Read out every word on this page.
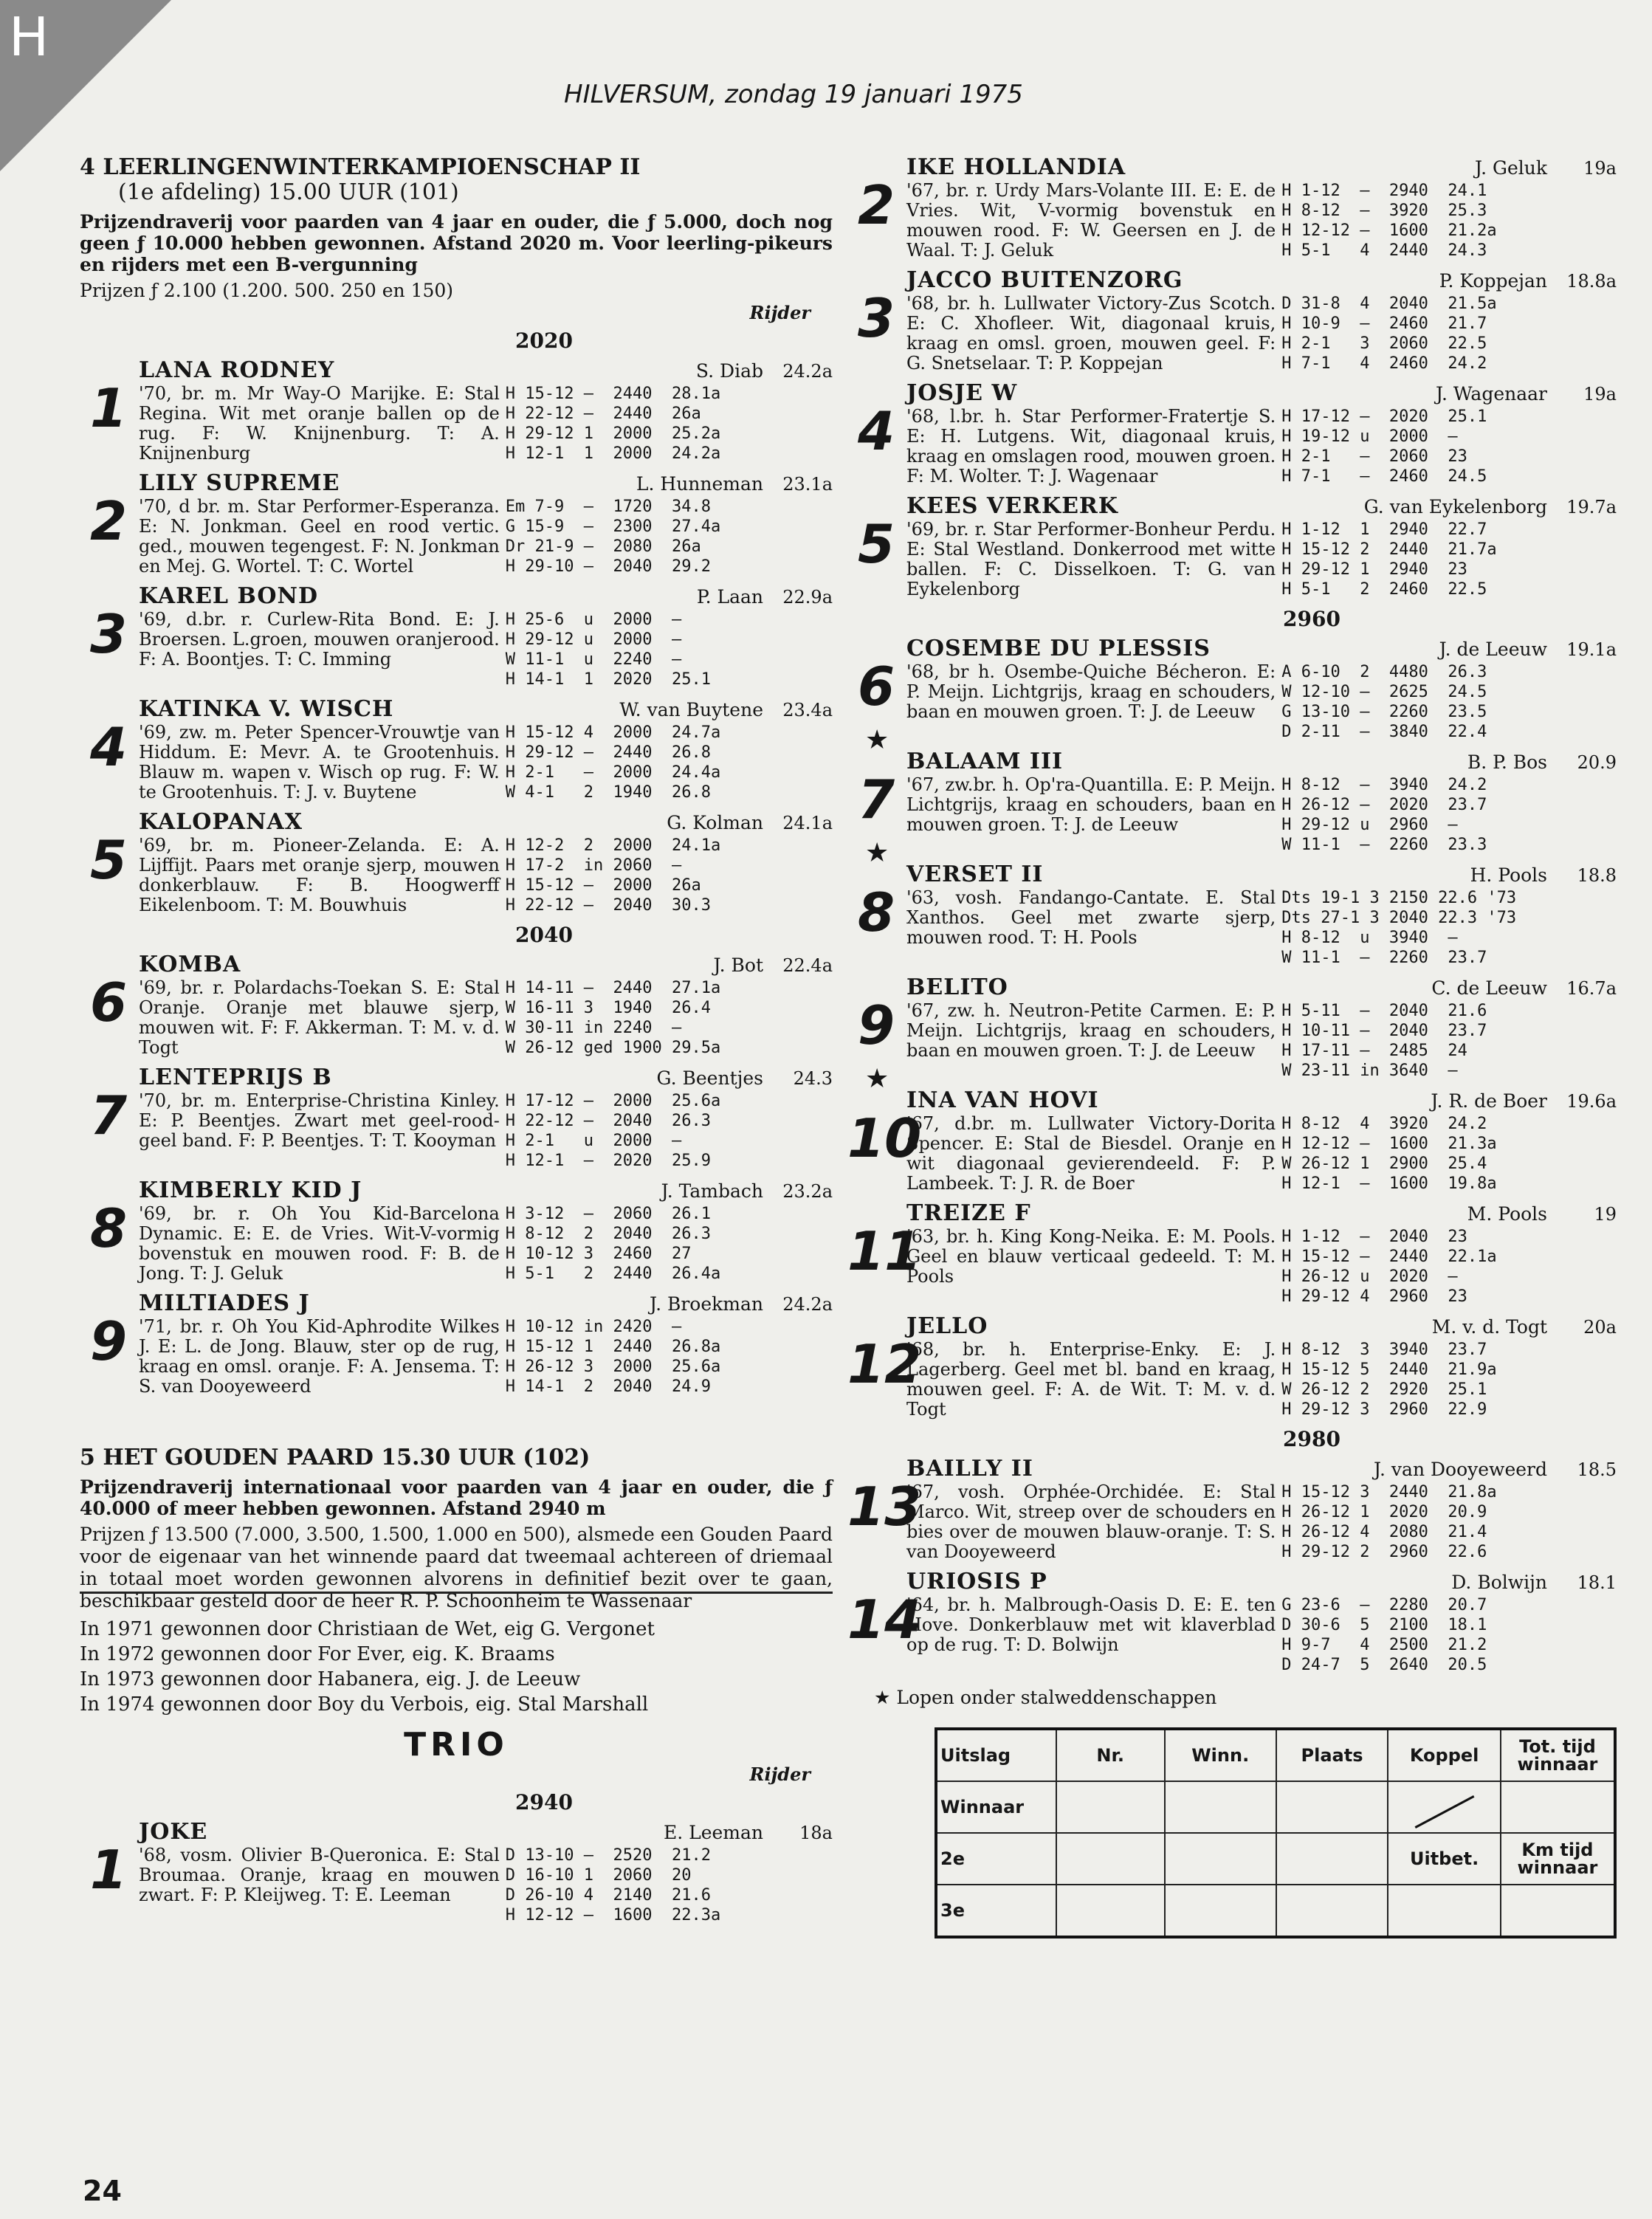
H
HILVERSUM, zondag 19 januari 1975
4 LEERLINGENWINTERKAMPIOENSCHAP II
(1e afdeling) 15.00 UUR (101)
Prijzendraverij voor paarden van 4 jaar en ouder, die ƒ 5.000, doch nog geen ƒ 10.000 hebben gewonnen. Afstand 2020 m. Voor leerling-pikeurs en rijders met een B-vergunning
Prijzen ƒ 2.100 (1.200. 500. 250 en 150)
Rijder
2020
1
LANA RODNEY	S. Diab	24.2a
'70, br. m. Mr Way-O Marijke. E: Stal Regina. Wit met oranje ballen op de rug. F: W. Knijnenburg. T: A. Knijnenburg
H 15-12 —  2440  28.1a
H 22-12 —  2440  26a
H 29-12 1  2000  25.2a
H 12-1  1  2000  24.2a
2
LILY SUPREME	L. Hunneman	23.1a
'70, d br. m. Star Performer-Esperanza. E: N. Jonkman. Geel en rood vertic. ged., mouwen tegengest. F: N. Jonkman en Mej. G. Wortel. T: C. Wortel
Em 7-9  —  1720  34.8
G 15-9  —  2300  27.4a
Dr 21-9 —  2080  26a
H 29-10 —  2040  29.2
3
KAREL BOND	P. Laan	22.9a
'69, d.br. r. Curlew-Rita Bond. E: J. Broersen. L.groen, mouwen oranjerood. F: A. Boontjes. T: C. Imming
H 25-6  u  2000  —
H 29-12 u  2000  —
W 11-1  u  2240  —
H 14-1  1  2020  25.1
4
KATINKA V. WISCH	W. van Buytene	23.4a
'69, zw. m. Peter Spencer-Vrouwtje van Hiddum. E: Mevr. A. te Grootenhuis. Blauw m. wapen v. Wisch op rug. F: W. te Grootenhuis. T: J. v. Buytene
H 15-12 4  2000  24.7a
H 29-12 —  2440  26.8
H 2-1   —  2000  24.4a
W 4-1   2  1940  26.8
5
KALOPANAX	G. Kolman	24.1a
'69, br. m. Pioneer-Zelanda. E: A. Lijffijt. Paars met oranje sjerp, mouwen donkerblauw. F: B. Hoogwerff Eikelenboom. T: M. Bouwhuis
H 12-2  2  2000  24.1a
H 17-2  in 2060  —
H 15-12 —  2000  26a
H 22-12 —  2040  30.3
2040
6
KOMBA	J. Bot	22.4a
'69, br. r. Polardachs-Toekan S. E: Stal Oranje. Oranje met blauwe sjerp, mouwen wit. F: F. Akkerman. T: M. v. d. Togt
H 14-11 —  2440  27.1a
W 16-11 3  1940  26.4
W 30-11 in 2240  —
W 26-12 ged 1900 29.5a
7
LENTEPRIJS B	G. Beentjes	24.3
'70, br. m. Enterprise-Christina Kinley. E: P. Beentjes. Zwart met geel-rood-geel band. F: P. Beentjes. T: T. Kooyman
H 17-12 —  2000  25.6a
H 22-12 —  2040  26.3
H 2-1   u  2000  —
H 12-1  —  2020  25.9
8
KIMBERLY KID J	J. Tambach	23.2a
'69, br. r. Oh You Kid-Barcelona Dynamic. E: E. de Vries. Wit-V-vormig bovenstuk en mouwen rood. F: B. de Jong. T: J. Geluk
H 3-12  —  2060  26.1
H 8-12  2  2040  26.3
H 10-12 3  2460  27
H 5-1   2  2440  26.4a
9
MILTIADES J	J. Broekman	24.2a
'71, br. r. Oh You Kid-Aphrodite Wilkes J. E: L. de Jong. Blauw, ster op de rug, kraag en omsl. oranje. F: A. Jensema. T: S. van Dooyeweerd
H 10-12 in 2420  —
H 15-12 1  2440  26.8a
H 26-12 3  2000  25.6a
H 14-1  2  2040  24.9
5 HET GOUDEN PAARD 15.30 UUR (102)
Prijzendraverij internationaal voor paarden van 4 jaar en ouder, die ƒ 40.000 of meer hebben gewonnen. Afstand 2940 m
Prijzen ƒ 13.500 (7.000, 3.500, 1.500, 1.000 en 500), alsmede een Gouden Paard voor de eigenaar van het winnende paard dat tweemaal achtereen of driemaal in totaal moet worden gewonnen alvorens in definitief bezit over te gaan, beschikbaar gesteld door de heer R. P. Schoonheim te Wassenaar
In 1971 gewonnen door Christiaan de Wet, eig G. Vergonet
In 1972 gewonnen door For Ever, eig. K. Braams
In 1973 gewonnen door Habanera, eig. J. de Leeuw
In 1974 gewonnen door Boy du Verbois, eig. Stal Marshall
TRIO
Rijder
2940
1
JOKE	E. Leeman	18a
'68, vosm. Olivier B-Queronica. E: Stal Broumaa. Oranje, kraag en mouwen zwart. F: P. Kleijweg. T: E. Leeman
D 13-10 —  2520  21.2
D 16-10 1  2060  20
D 26-10 4  2140  21.6
H 12-12 —  1600  22.3a
2
IKE HOLLANDIA	J. Geluk	19a
'67, br. r. Urdy Mars-Volante III. E: E. de Vries. Wit, V-vormig bovenstuk en mouwen rood. F: W. Geersen en J. de Waal. T: J. Geluk
H 1-12  —  2940  24.1
H 8-12  —  3920  25.3
H 12-12 —  1600  21.2a
H 5-1   4  2440  24.3
3
JACCO BUITENZORG	P. Koppejan	18.8a
'68, br. h. Lullwater Victory-Zus Scotch. E: C. Xhofleer. Wit, diagonaal kruis, kraag en omsl. groen, mouwen geel. F: G. Snetselaar. T: P. Koppejan
D 31-8  4  2040  21.5a
H 10-9  —  2460  21.7
H 2-1   3  2060  22.5
H 7-1   4  2460  24.2
4
JOSJE W	J. Wagenaar	19a
'68, l.br. h. Star Performer-Fratertje S. E: H. Lutgens. Wit, diagonaal kruis, kraag en omslagen rood, mouwen groen. F: M. Wolter. T: J. Wagenaar
H 17-12 —  2020  25.1
H 19-12 u  2000  —
H 2-1   —  2060  23
H 7-1   —  2460  24.5
5
KEES VERKERK	G. van Eykelenborg	19.7a
'69, br. r. Star Performer-Bonheur Perdu. E: Stal Westland. Donkerrood met witte ballen. F: C. Disselkoen. T: G. van Eykelenborg
H 1-12  1  2940  22.7
H 15-12 2  2440  21.7a
H 29-12 1  2940  23
H 5-1   2  2460  22.5
2960
6
★
COSEMBE DU PLESSIS	J. de Leeuw	19.1a
'68, br h. Osembe-Quiche Bécheron. E: P. Meijn. Lichtgrijs, kraag en schouders, baan en mouwen groen. T: J. de Leeuw
A 6-10  2  4480  26.3
W 12-10 —  2625  24.5
G 13-10 —  2260  23.5
D 2-11  —  3840  22.4
7
★
BALAAM III	B. P. Bos	20.9
'67, zw.br. h. Op'ra-Quantilla. E: P. Meijn. Lichtgrijs, kraag en schouders, baan en mouwen groen. T: J. de Leeuw
H 8-12  —  3940  24.2
H 26-12 —  2020  23.7
H 29-12 u  2960  —
W 11-1  —  2260  23.3
8
VERSET II	H. Pools	18.8
'63, vosh. Fandango-Cantate. E. Stal Xanthos. Geel met zwarte sjerp, mouwen rood. T: H. Pools
Dts 19-1 3 2150 22.6 '73
Dts 27-1 3 2040 22.3 '73
H 8-12  u  3940  —
W 11-1  —  2260  23.7
9
★
BELITO	C. de Leeuw	16.7a
'67, zw. h. Neutron-Petite Carmen. E: P. Meijn. Lichtgrijs, kraag en schouders, baan en mouwen groen. T: J. de Leeuw
H 5-11  —  2040  21.6
H 10-11 —  2040  23.7
H 17-11 —  2485  24
W 23-11 in 3640  —
10
INA VAN HOVI	J. R. de Boer	19.6a
'67, d.br. m. Lullwater Victory-Dorita Spencer. E: Stal de Biesdel. Oranje en wit diagonaal gevierendeeld. F: P. Lambeek. T: J. R. de Boer
H 8-12  4  3920  24.2
H 12-12 —  1600  21.3a
W 26-12 1  2900  25.4
H 12-1  —  1600  19.8a
11
TREIZE F	M. Pools	19
'63, br. h. King Kong-Neika. E: M. Pools. Geel en blauw verticaal gedeeld. T: M. Pools
H 1-12  —  2040  23
H 15-12 —  2440  22.1a
H 26-12 u  2020  —
H 29-12 4  2960  23
12
JELLO	M. v. d. Togt	20a
'68, br. h. Enterprise-Enky. E: J. Lagerberg. Geel met bl. band en kraag, mouwen geel. F: A. de Wit. T: M. v. d. Togt
H 8-12  3  3940  23.7
H 15-12 5  2440  21.9a
W 26-12 2  2920  25.1
H 29-12 3  2960  22.9
2980
13
BAILLY II	J. van Dooyeweerd	18.5
'67, vosh. Orphée-Orchidée. E: Stal Marco. Wit, streep over de schouders en bies over de mouwen blauw-oranje. T: S. van Dooyeweerd
H 15-12 3  2440  21.8a
H 26-12 1  2020  20.9
H 26-12 4  2080  21.4
H 29-12 2  2960  22.6
14
URIOSIS P	D. Bolwijn	18.1
'64, br. h. Malbrough-Oasis D. E: E. ten Hove. Donkerblauw met wit klaverblad op de rug. T: D. Bolwijn
G 23-6  —  2280  20.7
D 30-6  5  2100  18.1
H 9-7   4  2500  21.2
D 24-7  5  2640  20.5
★ Lopen onder stalweddenschappen
Uitslag	Nr.	Winn.	Plaats	Koppel	Tot. tijd winnaar
Winnaar					
2e				Uitbet.	Km tijd winnaar
3e					
24
